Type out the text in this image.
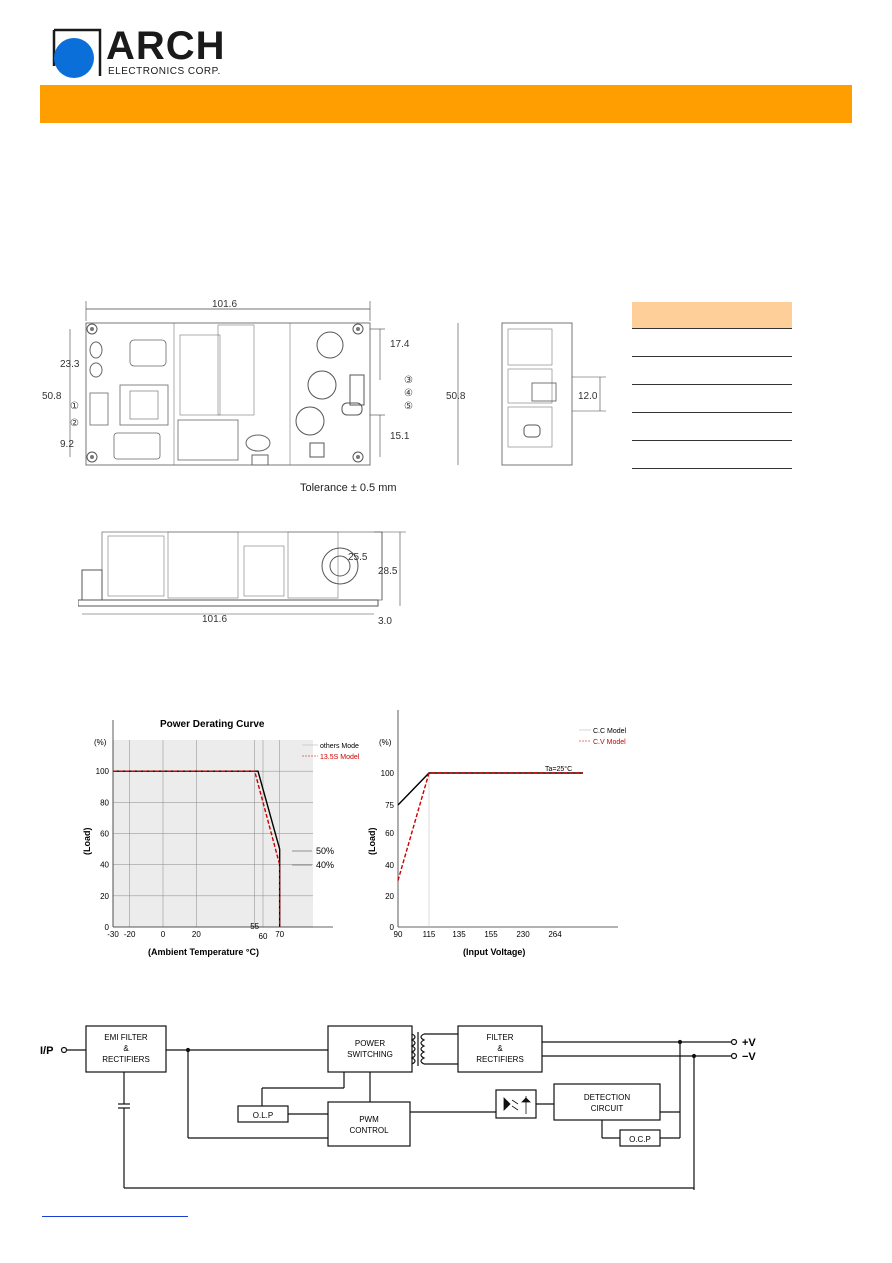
ARCH
ELECTRONICS CORP.
101.6
17.4
15.1
③
④
⑤
50.8
23.3
9.2
①
②
50.8	12.0
Tolerance ± 0.5 mm
101.6
25.5
28.5
3.0
0
20
40
60
80
100
-30 -20	0	20
55
60 70
Power Derating Curve
(%)
(Load)
(Ambient Temperature °C)
others Mode
13.5S Model
50%
40%
0
20
40
60
75
100
90	115 135 155 230 264
(%)
(Load)
(Input Voltage)
Ta=25°C
C.C Model
C.V Model
I/P
EMI FILTER
&
RECTIFIERS
POWER
SWITCHING
FILTER
&
RECTIFIERS
O.L.P	PWM
CONTROL
DETECTION
CIRCUIT
O.C.P
+V
−V
